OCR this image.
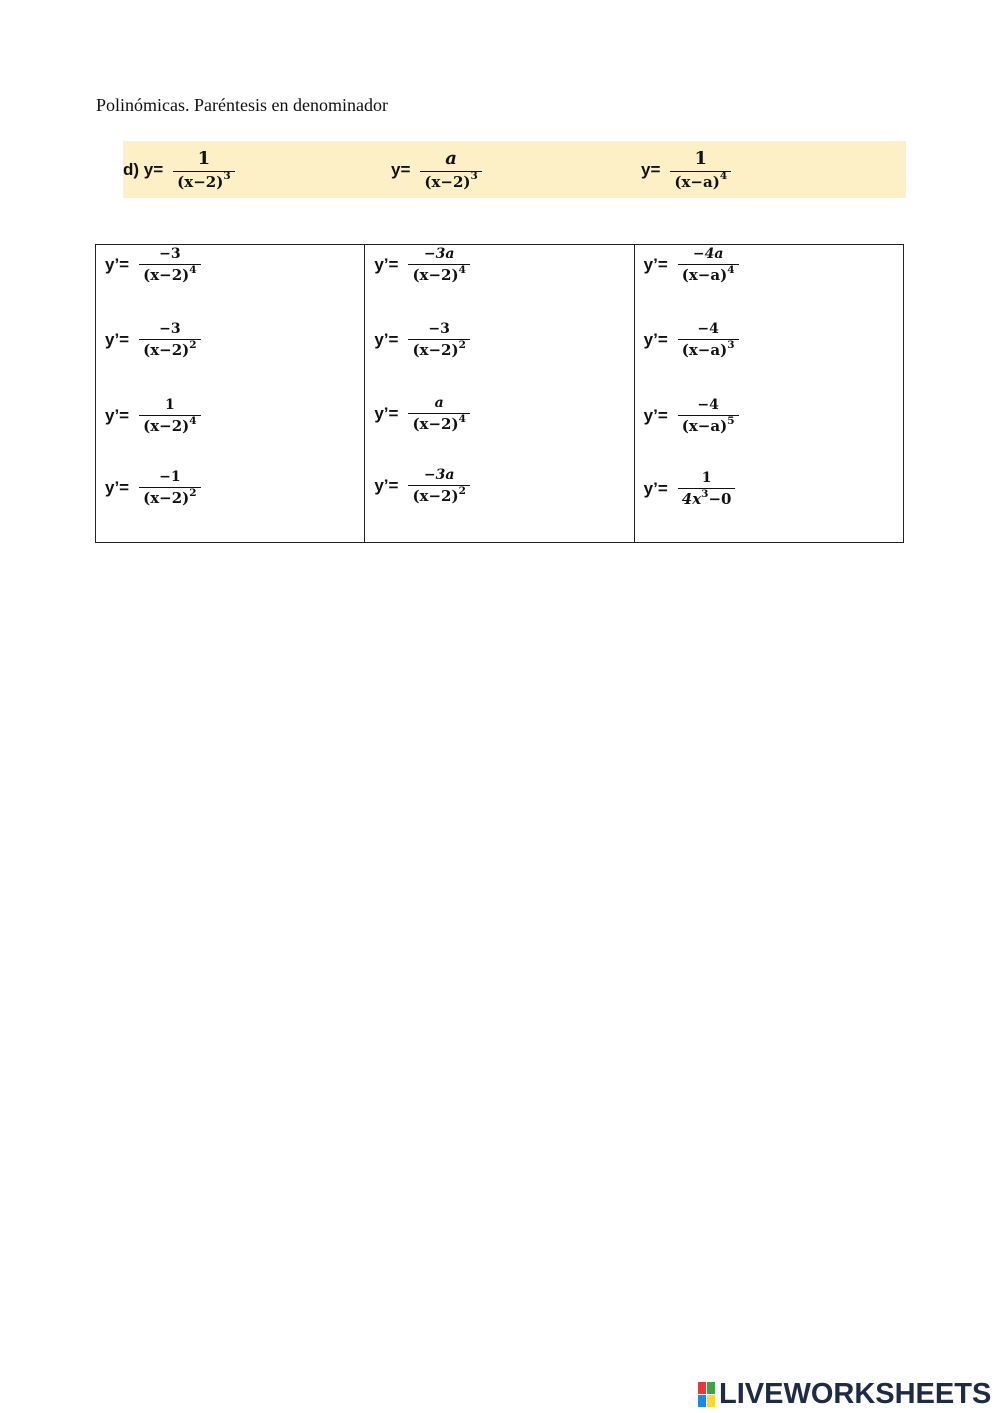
Polinómicas. Paréntesis en denominador
d) $y= \frac{1}{(x-2)^3}$	$y= \frac{a}{(x-2)^3}$	$y= \frac{1}{(x-a)^4}$
y’= $\frac{-3}{(x-2)^4}$
y’= $\frac{-3}{(x-2)^2}$
y’= $\frac{1}{(x-2)^4}$
y’= $\frac{-1}{(x-2)^2}$
y’= $\frac{-3a}{(x-2)^4}$
y’= $\frac{-3}{(x-2)^2}$
y’= $\frac{a}{(x-2)^4}$
y’= $\frac{-3a}{(x-2)^2}$
y’= $\frac{-4a}{(x-a)^4}$
y’= $\frac{-4}{(x-a)^3}$
y’= $\frac{-4}{(x-a)^5}$
y’= $\frac{1}{4x^3-0}$
LIVEWORKSHEETS
